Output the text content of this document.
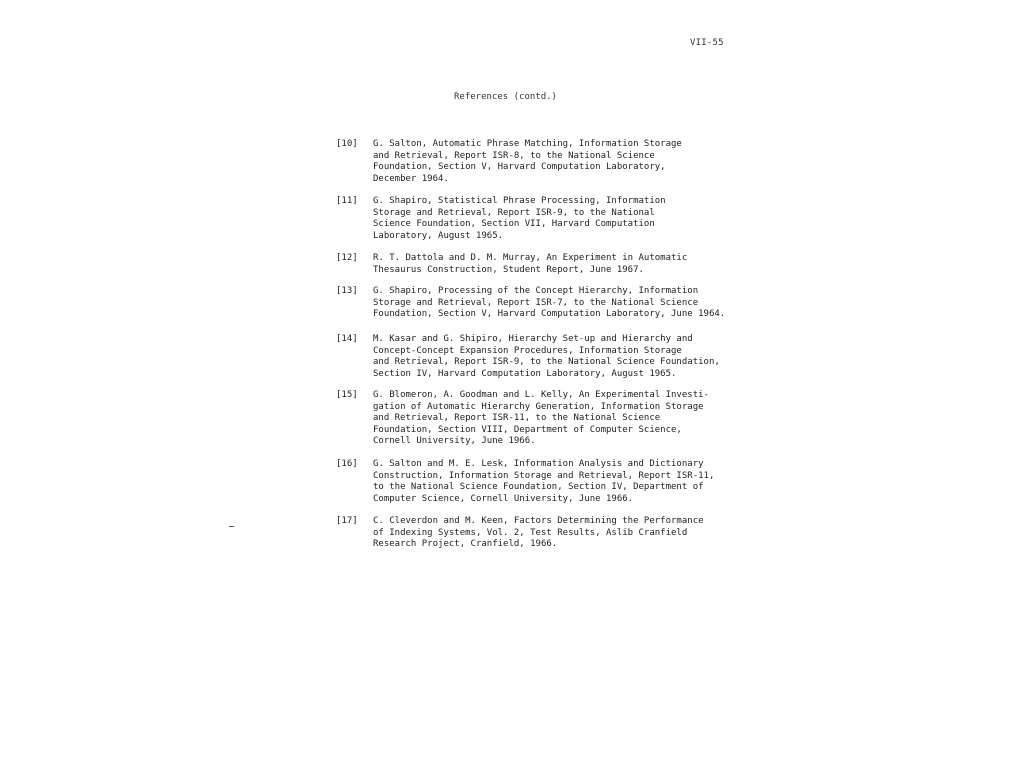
VII-55
References (contd.)
[10] G. Salton, Automatic Phrase Matching, Information Storage
and Retrieval, Report ISR-8, to the National Science
Foundation, Section V, Harvard Computation Laboratory,
December 1964.
[11] G. Shapiro, Statistical Phrase Processing, Information
Storage and Retrieval, Report ISR-9, to the National
Science Foundation, Section VII, Harvard Computation
Laboratory, August 1965.
[12] R. T. Dattola and D. M. Murray, An Experiment in Automatic
Thesaurus Construction, Student Report, June 1967.
[13] G. Shapiro, Processing of the Concept Hierarchy, Information
Storage and Retrieval, Report ISR-7, to the National Science
Foundation, Section V, Harvard Computation Laboratory, June 1964.
[14] M. Kasar and G. Shipiro, Hierarchy Set-up and Hierarchy and
Concept-Concept Expansion Procedures, Information Storage
and Retrieval, Report ISR-9, to the National Science Foundation,
Section IV, Harvard Computation Laboratory, August 1965.
[15] G. Blomeron, A. Goodman and L. Kelly, An Experimental Investi-
gation of Automatic Hierarchy Generation, Information Storage
and Retrieval, Report ISR-11, to the National Science
Foundation, Section VIII, Department of Computer Science,
Cornell University, June 1966.
[16] G. Salton and M. E. Lesk, Information Analysis and Dictionary
Construction, Information Storage and Retrieval, Report ISR-11,
to the National Science Foundation, Section IV, Department of
Computer Science, Cornell University, June 1966.
[17] C. Cleverdon and M. Keen, Factors Determining the Performance
of Indexing Systems, Vol. 2, Test Results, Aslib Cranfield
Research Project, Cranfield, 1966.
